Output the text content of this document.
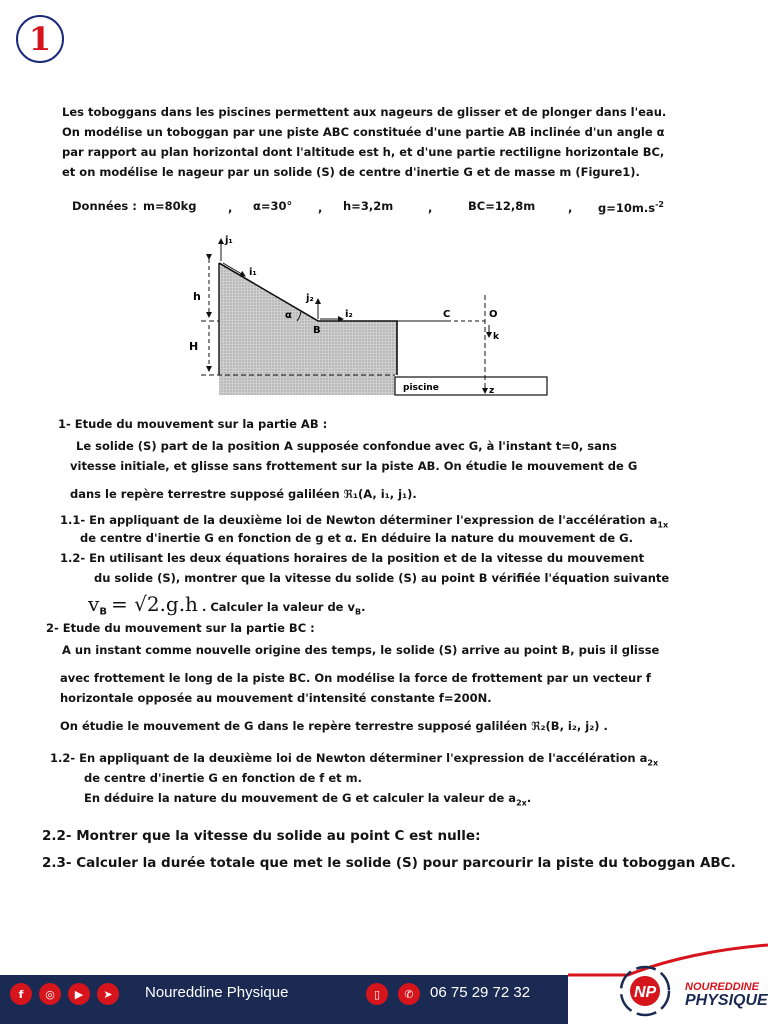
1
Les toboggans dans les piscines permettent aux nageurs de glisser et de plonger dans l'eau.
On modélise un toboggan par une piste ABC constituée d'une partie AB inclinée d'un angle α
par rapport au plan horizontal dont l'altitude est h, et d'une partie rectiligne horizontale BC,
et on modélise le nageur par un solide (S) de centre d'inertie G et de masse m (Figure1).
Données : m=80kg	, α=30° , h=3,2m	,	BC=12,8m	, $g=10m.s^{-2}$
j₁
i₁
j₂
i₂
h
H
α
B
C	O
k
z
piscine
1- Etude du mouvement sur la partie AB :
Le solide (S) part de la position A supposée confondue avec G, à l'instant t=0, sans
vitesse initiale, et glisse sans frottement sur la piste AB. On étudie le mouvement de G
dans le repère terrestre supposé galiléen ℜ₁(A, i₁, j₁).
1.1- En appliquant de la deuxième loi de Newton déterminer l'expression de l'accélération $a_{1x}$
de centre d'inertie G en fonction de g et α. En déduire la nature du mouvement de G.
1.2- En utilisant les deux équations horaires de la position et de la vitesse du mouvement
du solide (S), montrer que la vitesse du solide (S) au point B vérifiée l'équation suivante
$v_B = √2.g.h$ . Calculer la valeur de $v_B$.
2- Etude du mouvement sur la partie BC :
A un instant comme nouvelle origine des temps, le solide (S) arrive au point B, puis il glisse
avec frottement le long de la piste BC. On modélise la force de frottement par un vecteur f
horizontale opposée au mouvement d'intensité constante f=200N.
On étudie le mouvement de G dans le repère terrestre supposé galiléen ℜ₂(B, i₂, j₂) .
1.2- En appliquant de la deuxième loi de Newton déterminer l'expression de l'accélération $a_{2x}$
de centre d'inertie G en fonction de f et m.
En déduire la nature du mouvement de G et calculer la valeur de $a_{2x}$.
2.2- Montrer que la vitesse du solide au point C est nulle:
2.3- Calculer la durée totale que met le solide (S) pour parcourir la piste du toboggan ABC.
f	◎	▶	➤	Noureddine Physique	▯	✆	06 75 29 72 32	NP	NOUREDDINE
PHYSIQUE
